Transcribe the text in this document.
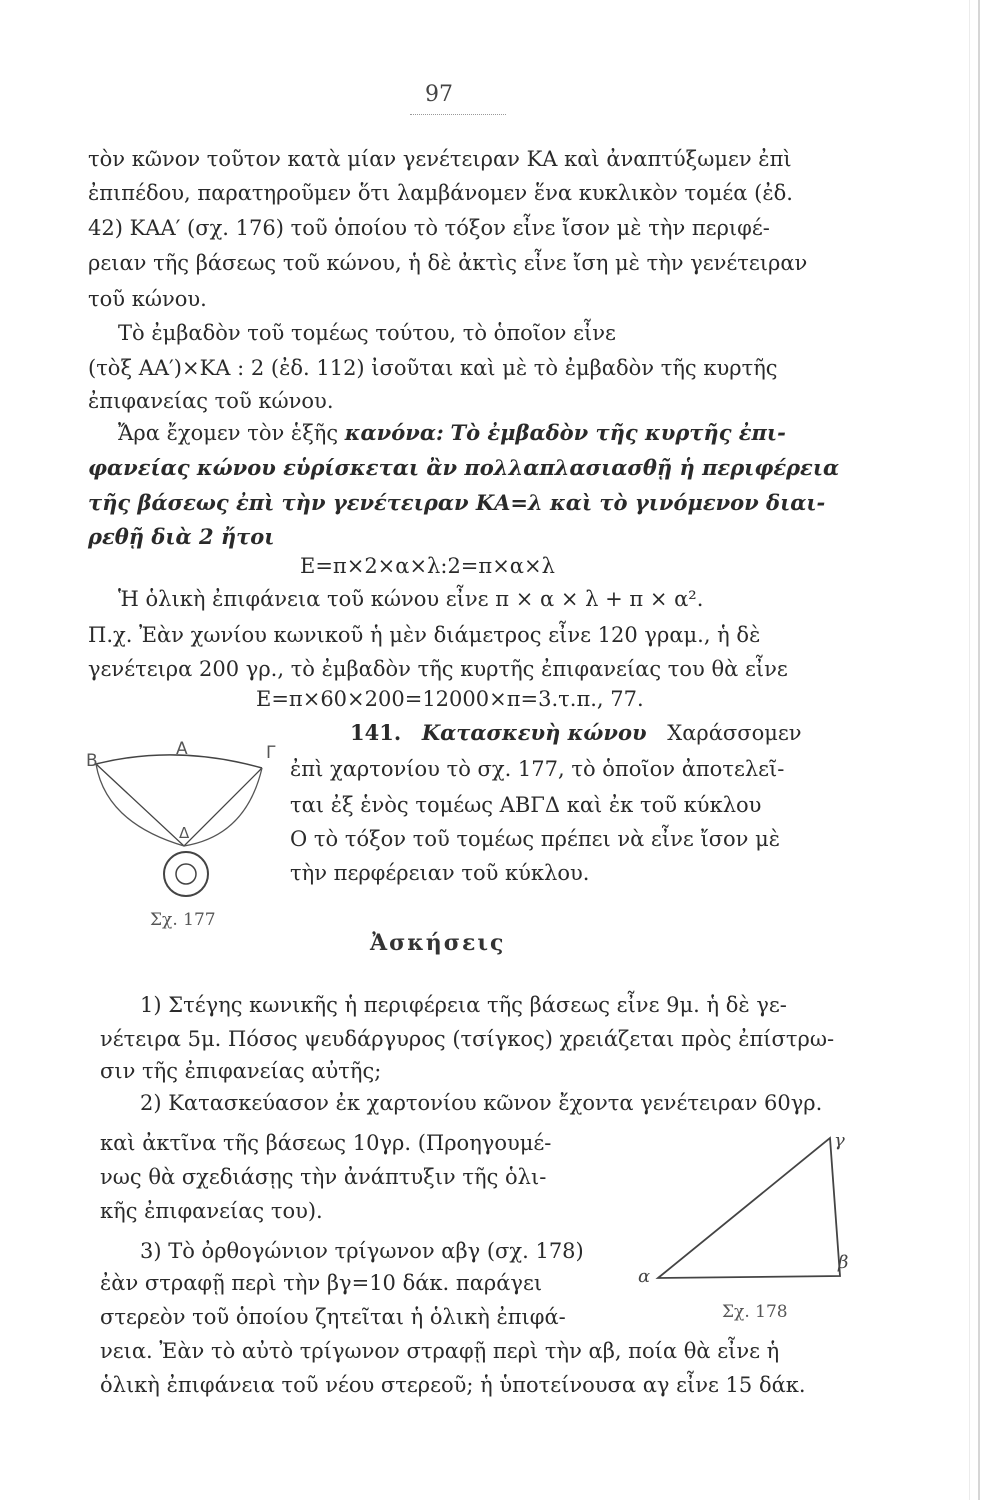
97
τὸν κῶνον τοῦτον κατὰ μίαν γενέτειραν ΚΑ καὶ ἀναπτύξωμεν ἐπὶ
ἐπιπέδου, παρατηροῦμεν ὅτι λαμβάνομεν ἕνα κυκλικὸν τομέα (ἐδ.
42) ΚΑΑ′ (σχ. 176) τοῦ ὁποίου τὸ τόξον εἶνε ἴσον μὲ τὴν περιφέ-
ρειαν τῆς βάσεως τοῦ κώνου, ἡ δὲ ἀκτὶς εἶνε ἴση μὲ τὴν γενέτειραν
τοῦ κώνου.
Τὸ ἐμβαδὸν τοῦ τομέως τούτου, τὸ ὁποῖον εἶνε
(τὸξ ΑΑ′)×ΚΑ : 2 (ἐδ. 112) ἰσοῦται καὶ μὲ τὸ ἐμβαδὸν τῆς κυρτῆς
ἐπιφανείας τοῦ κώνου.
Ἄρα ἔχομεν τὸν ἑξῆς κανόνα: Τὸ ἐμβαδὸν τῆς κυρτῆς ἐπι-
φανείας κώνου εὑρίσκεται ἂν πολλαπλασιασθῇ ἡ περιφέρεια
τῆς βάσεως ἐπὶ τὴν γενέτειραν ΚΑ=λ καὶ τὸ γινόμενον διαι-
ρεθῇ διὰ 2 ἤτοι
Ε=π×2×α×λ:2=π×α×λ
Ἡ ὁλικὴ ἐπιφάνεια τοῦ κώνου εἶνε π × α × λ + π × α².
Π.χ. Ἐὰν χωνίου κωνικοῦ ἡ μὲν διάμετρος εἶνε 120 γραμ., ἡ δὲ
γενέτειρα 200 γρ., τὸ ἐμβαδὸν τῆς κυρτῆς ἐπιφανείας του θὰ εἶνε
Ε=π×60×200=12000×π=3.τ.π., 77.
141. Κατασκευὴ κώνου Χαράσσομεν
ἐπὶ χαρτονίου τὸ σχ. 177, τὸ ὁποῖον ἀποτελεῖ-
ται ἐξ ἑνὸς τομέως ΑΒΓΔ καὶ ἐκ τοῦ κύκλου
Ο τὸ τόξον τοῦ τομέως πρέπει νὰ εἶνε ἴσον μὲ
τὴν περφέρειαν τοῦ κύκλου.
Α
Β	Γ
Δ
Σχ. 177
Ἀσκήσεις
1) Στέγης κωνικῆς ἡ περιφέρεια τῆς βάσεως εἶνε 9μ. ἡ δὲ γε-
νέτειρα 5μ. Πόσος ψευδάργυρος (τσίγκος) χρειάζεται πρὸς ἐπίστρω-
σιν τῆς ἐπιφανείας αὐτῆς;
2) Κατασκεύασον ἐκ χαρτονίου κῶνον ἔχοντα γενέτειραν 60γρ.
καὶ ἀκτῖνα τῆς βάσεως 10γρ. (Προηγουμέ-
νως θὰ σχεδιάσῃς τὴν ἀνάπτυξιν τῆς ὁλι-
κῆς ἐπιφανείας του).
3) Τὸ ὀρθογώνιον τρίγωνον αβγ (σχ. 178)
ἐὰν στραφῇ περὶ τὴν βγ=10 δάκ. παράγει
στερεὸν τοῦ ὁποίου ζητεῖται ἡ ὁλικὴ ἐπιφά-
νεια. Ἐὰν τὸ αὐτὸ τρίγωνον στραφῇ περὶ τὴν αβ, ποία θὰ εἶνε ἡ
ὁλικὴ ἐπιφάνεια τοῦ νέου στερεοῦ; ἡ ὑποτείνουσα αγ εἶνε 15 δάκ.
α
β
γ
Σχ. 178
